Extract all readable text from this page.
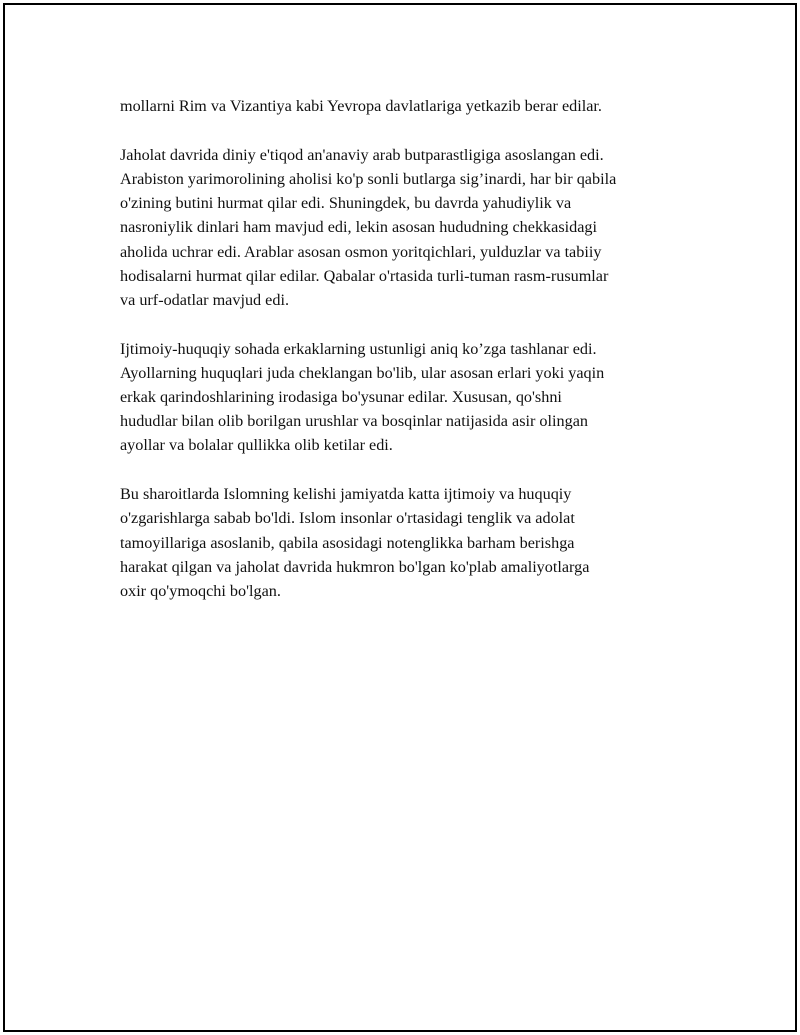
mollarni Rim va Vizantiya kabi Yevropa davlatlariga yetkazib berar edilar.

Jaholat davrida diniy e'tiqod an'anaviy arab butparastligiga asoslangan edi.
Arabiston yarimorolining aholisi ko'p sonli butlarga sig’inardi, har bir qabila
o'zining butini hurmat qilar edi. Shuningdek, bu davrda yahudiylik va
nasroniylik dinlari ham mavjud edi, lekin asosan hududning chekkasidagi
aholida uchrar edi. Arablar asosan osmon yoritqichlari, yulduzlar va tabiiy
hodisalarni hurmat qilar edilar. Qabalar o'rtasida turli-tuman rasm-rusumlar
va urf-odatlar mavjud edi.

Ijtimoiy-huquqiy sohada erkaklarning ustunligi aniq ko’zga tashlanar edi.
Ayollarning huquqlari juda cheklangan bo'lib, ular asosan erlari yoki yaqin
erkak qarindoshlarining irodasiga bo'ysunar edilar. Xususan, qo'shni
hududlar bilan olib borilgan urushlar va bosqinlar natijasida asir olingan
ayollar va bolalar qullikka olib ketilar edi.

Bu sharoitlarda Islomning kelishi jamiyatda katta ijtimoiy va huquqiy
o'zgarishlarga sabab bo'ldi. Islom insonlar o'rtasidagi tenglik va adolat
tamoyillariga asoslanib, qabila asosidagi notenglikka barham berishga
harakat qilgan va jaholat davrida hukmron bo'lgan ko'plab amaliyotlarga
oxir qo'ymoqchi bo'lgan.
